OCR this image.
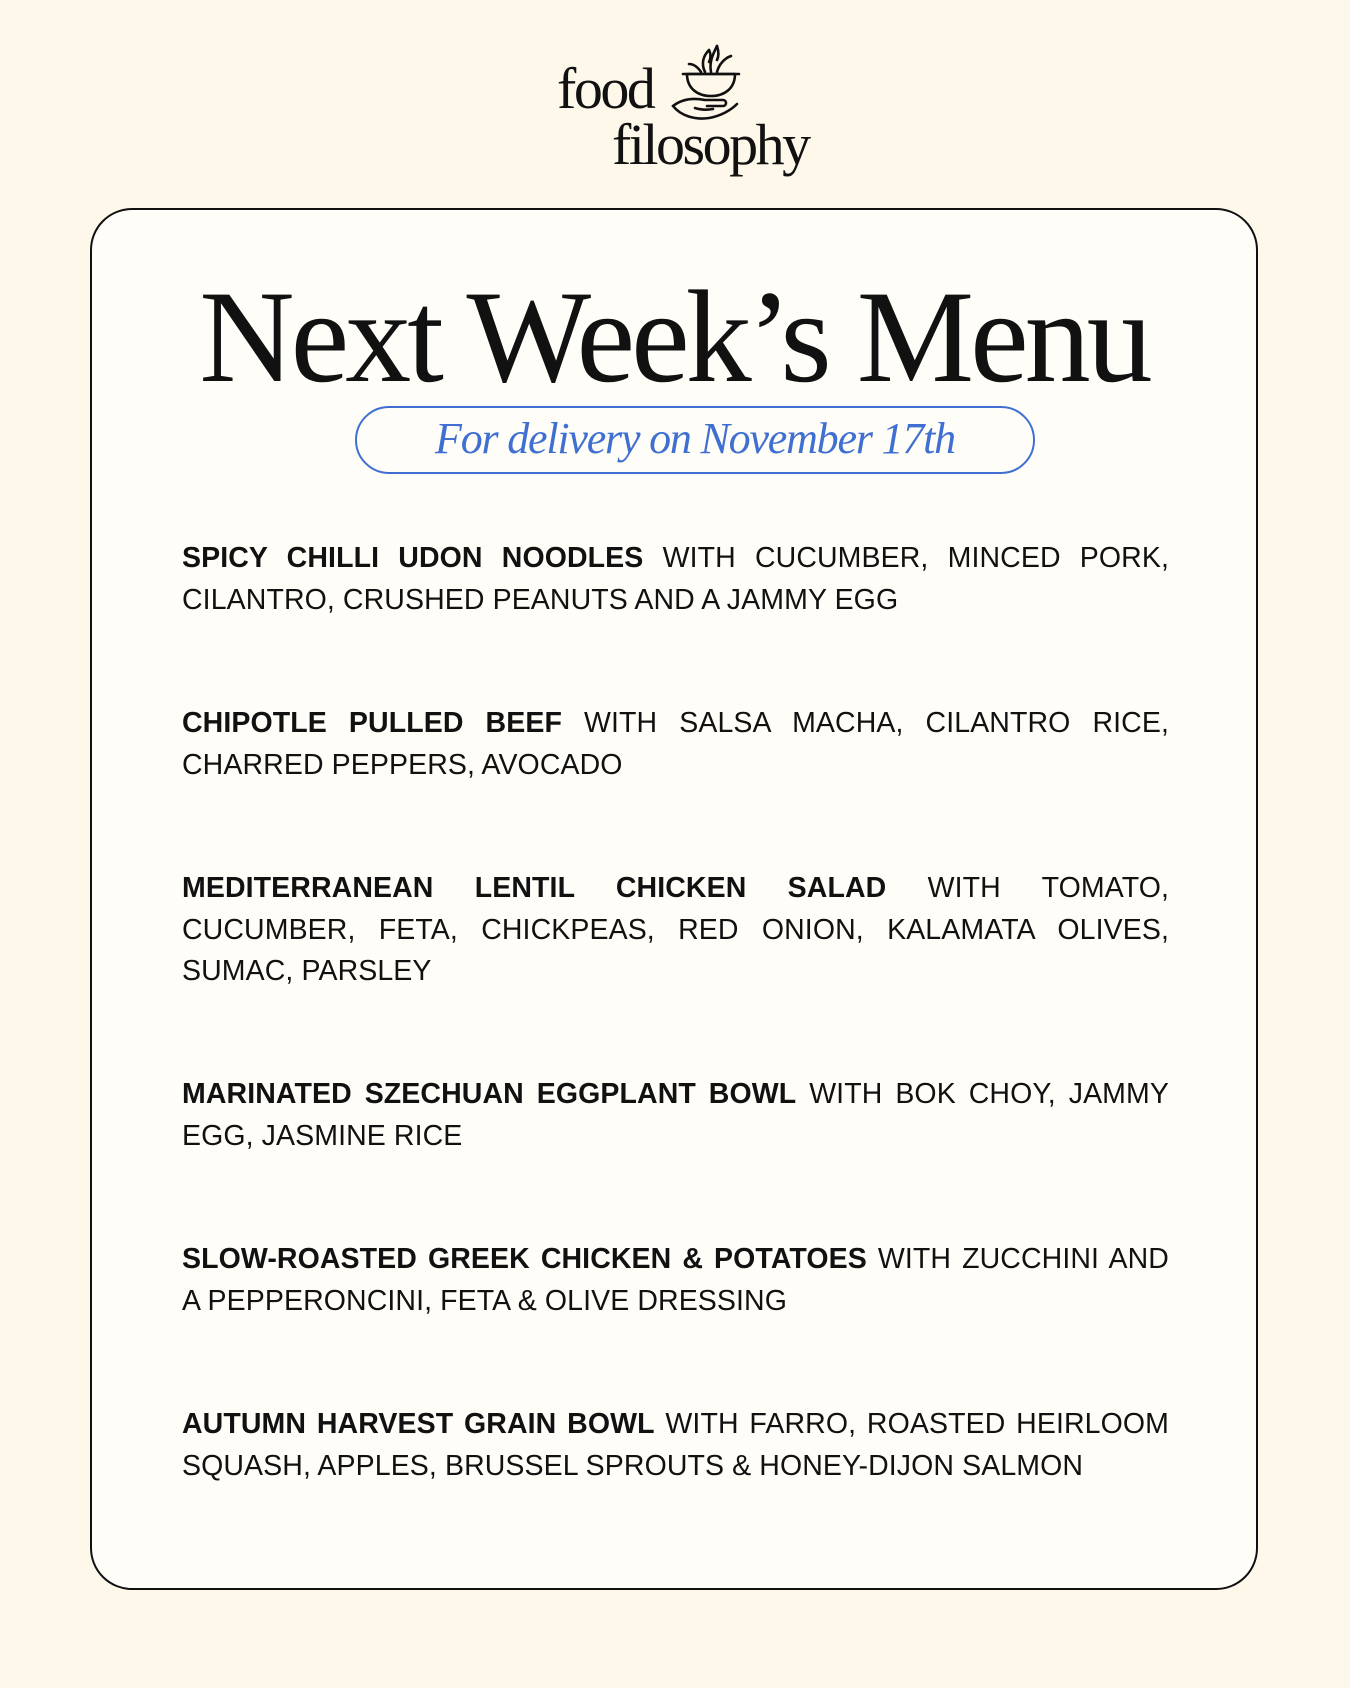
food
filosophy
Next Week’s Menu
For delivery on November 17th
SPICY CHILLI UDON NOODLES WITH CUCUMBER, MINCED PORK, CILANTRO, CRUSHED PEANUTS AND A JAMMY EGG
CHIPOTLE PULLED BEEF WITH SALSA MACHA, CILANTRO RICE, CHARRED PEPPERS, AVOCADO
MEDITERRANEAN LENTIL CHICKEN SALAD WITH TOMATO, CUCUMBER, FETA, CHICKPEAS, RED ONION, KALAMATA OLIVES, SUMAC, PARSLEY
MARINATED SZECHUAN EGGPLANT BOWL WITH BOK CHOY, JAMMY EGG, JASMINE RICE
SLOW-ROASTED GREEK CHICKEN & POTATOES WITH ZUCCHINI AND A PEPPERONCINI, FETA & OLIVE DRESSING
AUTUMN HARVEST GRAIN BOWL WITH FARRO, ROASTED HEIRLOOM SQUASH, APPLES, BRUSSEL SPROUTS & HONEY-DIJON SALMON
